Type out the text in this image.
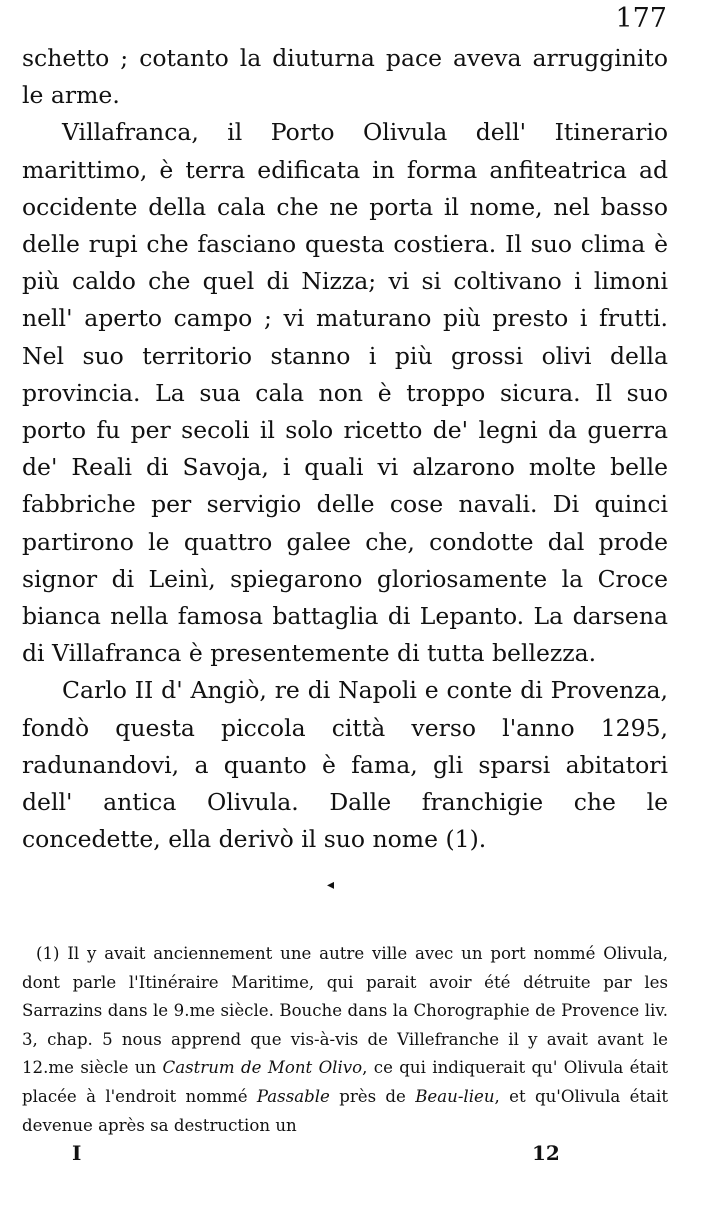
177

schetto ; cotanto la diuturna pace aveva arrugginito le arme.

Villafranca, il Porto Olivula dell' Itinerario marittimo, è terra edificata in forma anfiteatrica ad occidente della cala che ne porta il nome, nel basso delle rupi che fasciano questa costiera. Il suo clima è più caldo che quel di Nizza; vi si coltivano i limoni nell' aperto campo ; vi maturano più presto i frutti. Nel suo territorio stanno i più grossi olivi della provincia. La sua cala non è troppo sicura. Il suo porto fu per secoli il solo ricetto de' legni da guerra de' Reali di Savoja, i quali vi alzarono molte belle fabbriche per servigio delle cose navali. Di quinci partirono le quattro galee che, condotte dal prode signor di Leinì, spiegarono gloriosamente la Croce bianca nella famosa battaglia di Lepanto. La darsena di Villafranca è presentemente di tutta bellezza.

Carlo II d' Angiò, re di Napoli e conte di Provenza, fondò questa piccola città verso l'anno 1295, radunandovi, a quanto è fama, gli sparsi abitatori dell' antica Olivula. Dalle franchigie che le concedette, ella derivò il suo nome (1).

◂

(1) Il y avait anciennement une autre ville avec un port nommé Olivula, dont parle l'Itinéraire Maritime, qui parait avoir été détruite par les Sarrazins dans le 9.me siècle. Bouche dans la Chorographie de Provence liv. 3, chap. 5 nous apprend que vis-à-vis de Villefranche il y avait avant le 12.me siècle un Castrum de Mont Olivo, ce qui indiquerait qu' Olivula était placée à l'endroit nommé Passable près de Beau-lieu, et qu'Olivula était devenue après sa destruction un

I	12
